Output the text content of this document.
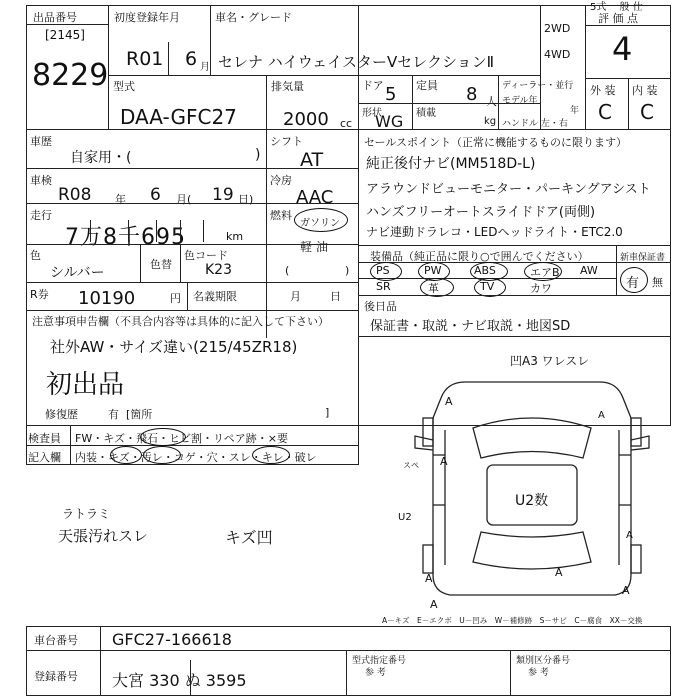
出品番号
[2145]
8229
初度登録年月
R01 6 月
車名・グレード
セレナ ハイウェイスターVセレクションⅡ
型式
DAA-GFC27
排気量
2000 cc
車歴
自家用・(	)
シフト
AT
車検
R08 年 6 月( 19 日)
冷房
AAC
走行
7万8千695	km
燃料
ガソリン
軽 油
色
シルバー
色替
色コード
K23	(	)
R券 10190	円 名義期限	月	日
注意事項申告欄（不具合内容等は具体的に記入して下さい）
社外AW・サイズ違い(215/45ZR18)
初出品
修復歴	有 [箇所	]
検査員
記入欄
FW・キズ・飛石・ヒビ割・リペア跡・×要
内装・キズ・汚レ・コゲ・穴・スレ・キレ・破レ
ラトラミ
天張汚れスレ	キズ凹
2WD
4WD
5式 一般 仕
評 価 点
4
外 装 内 装
C C
ドア 5 定員 8 人
形状
WG 積載
kg
ディーラー・並行
モデル年
年
ハンドル 左・右
セールスポイント（正常に機能するものに限ります）
純正後付ナビ(MM518D-L)
アラウンドビューモニター・パーキングアシスト
ハンズフリーオートスライドドア(両側)
ナビ連動ドラレコ・LEDヘッドライト・ETC2.0
装備品（純正品に限り○で囲んでください）	新車保証書
PS	PW	ABS	エアB AW
SR	革	TV	カワ	有 無
後日品
保証書・取説・ナビ取説・地図SD
凹A3 ワレスレ
U2数
U2
A
A
A	A
A
A
スペ
A
A
A－キズ　E－エクボ　U－凹み　W－補修跡　S－サビ　C－腐食　XX－交換
車台番号 GFC27-166618
登録番号 大宮 330 ぬ 3595
型式指定番号
参 考
類別区分番号
参 考
